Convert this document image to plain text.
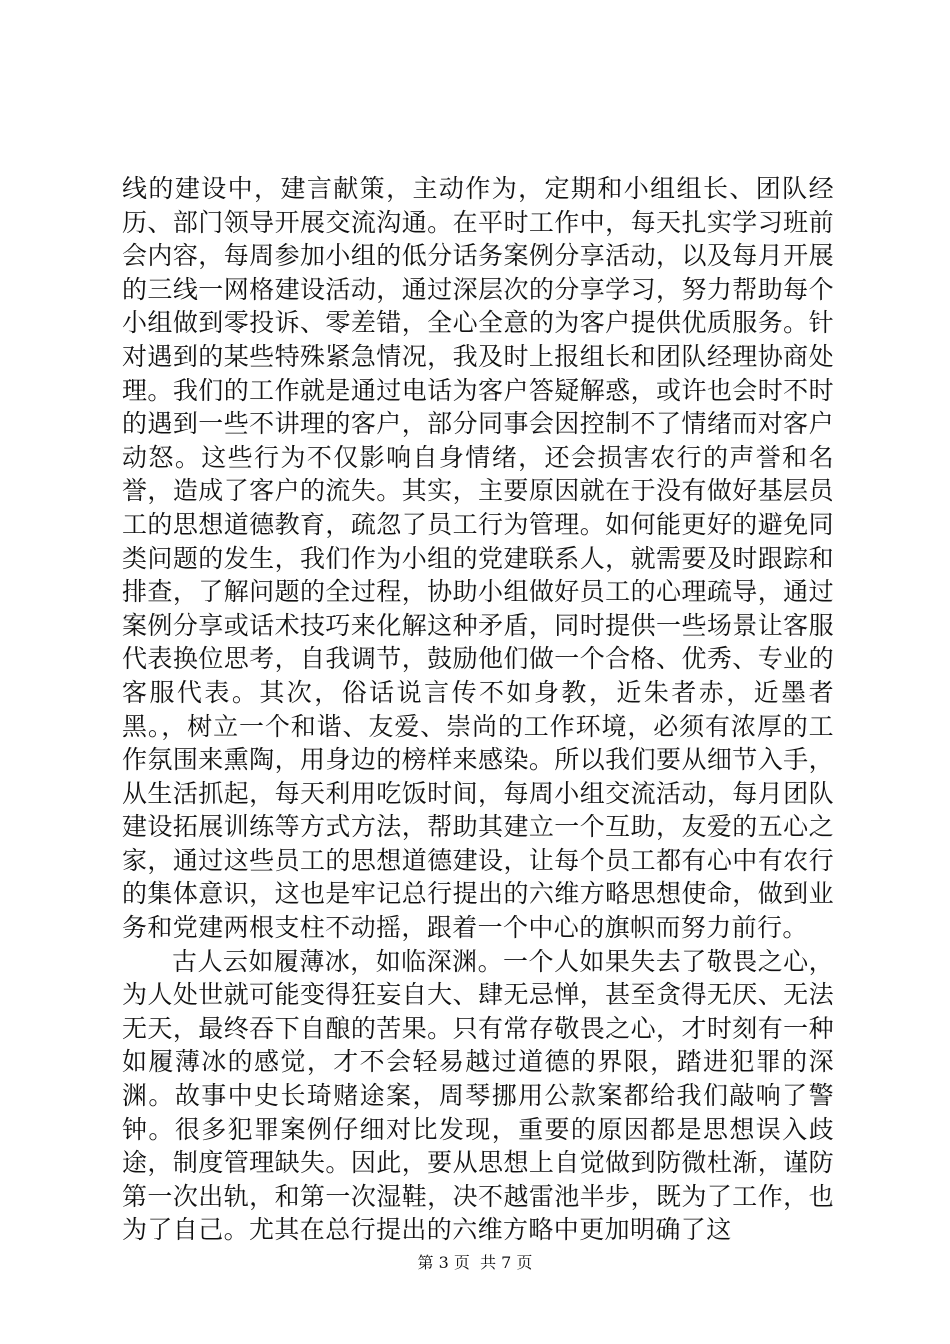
线的建设中，建言献策，主动作为，定期和小组组长、团队经历、部门领导开展交流沟通。在平时工作中，每天扎实学习班前会内容，每周参加小组的低分话务案例分享活动，以及每月开展的三线一网格建设活动，通过深层次的分享学习，努力帮助每个小组做到零投诉、零差错，全心全意的为客户提供优质服务。针对遇到的某些特殊紧急情况，我及时上报组长和团队经理协商处理。我们的工作就是通过电话为客户答疑解惑，或许也会时不时的遇到一些不讲理的客户，部分同事会因控制不了情绪而对客户动怒。这些行为不仅影响自身情绪，还会损害农行的声誉和名誉，造成了客户的流失。其实，主要原因就在于没有做好基层员工的思想道德教育，疏忽了员工行为管理。如何能更好的避免同类问题的发生，我们作为小组的党建联系人，就需要及时跟踪和排查，了解问题的全过程，协助小组做好员工的心理疏导，通过案例分享或话术技巧来化解这种矛盾，同时提供一些场景让客服代表换位思考，自我调节，鼓励他们做一个合格、优秀、专业的客服代表。其次，俗话说言传不如身教，近朱者赤，近墨者黑。，树立一个和谐、友爱、崇尚的工作环境，必须有浓厚的工作氛围来熏陶，用身边的榜样来感染。所以我们要从细节入手，从生活抓起，每天利用吃饭时间，每周小组交流活动，每月团队建设拓展训练等方式方法，帮助其建立一个互助，友爱的五心之家，通过这些员工的思想道德建设，让每个员工都有心中有农行的集体意识，这也是牢记总行提出的六维方略思想使命，做到业务和党建两根支柱不动摇，跟着一个中心的旗帜而努力前行。

古人云如履薄冰，如临深渊。一个人如果失去了敬畏之心，为人处世就可能变得狂妄自大、肆无忌惮，甚至贪得无厌、无法无天，最终吞下自酿的苦果。只有常存敬畏之心，才时刻有一种如履薄冰的感觉，才不会轻易越过道德的界限，踏进犯罪的深渊。故事中史长琦赌途案，周琴挪用公款案都给我们敲响了警钟。很多犯罪案例仔细对比发现，重要的原因都是思想误入歧途，制度管理缺失。因此，要从思想上自觉做到防微杜渐，谨防第一次出轨，和第一次湿鞋，决不越雷池半步，既为了工作，也为了自己。尤其在总行提出的六维方略中更加明确了这

第 3 页  共 7 页
